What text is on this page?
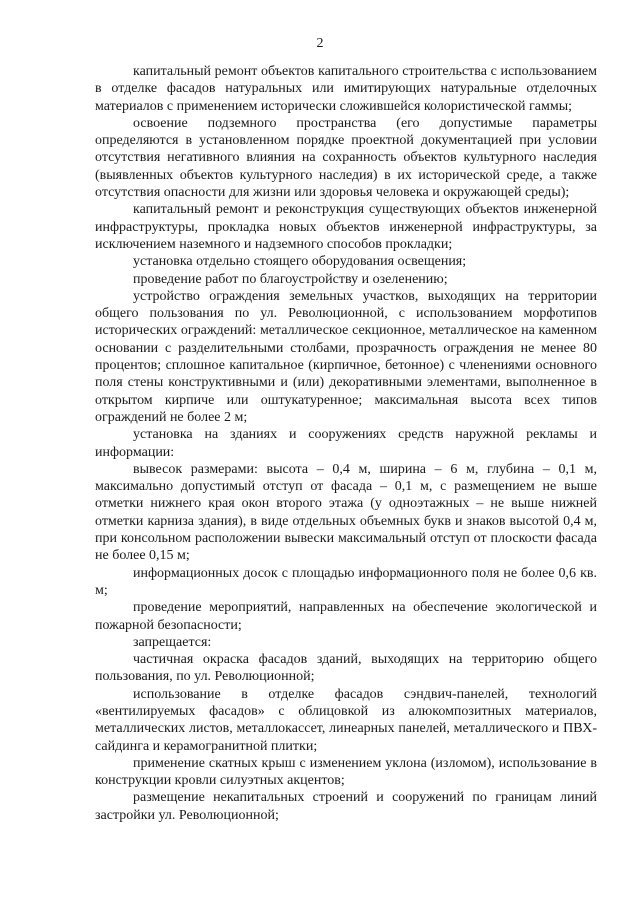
2

капитальный ремонт объектов капитального строительства с использованием в отделке фасадов натуральных или имитирующих натуральные отделочных материалов с применением исторически сложившейся колористической гаммы;

освоение подземного пространства (его допустимые параметры определяются в установленном порядке проектной документацией при условии отсутствия негативного влияния на сохранность объектов культурного наследия (выявленных объектов культурного наследия) в их исторической среде, а также отсутствия опасности для жизни или здоровья человека и окружающей среды);

капитальный ремонт и реконструкция существующих объектов инженерной инфраструктуры, прокладка новых объектов инженерной инфраструктуры, за исключением наземного и надземного способов прокладки;

установка отдельно стоящего оборудования освещения;

проведение работ по благоустройству и озеленению;

устройство ограждения земельных участков, выходящих на территории общего пользования по ул. Революционной, с использованием морфотипов исторических ограждений: металлическое секционное, металлическое на каменном основании с разделительными столбами, прозрачность ограждения не менее 80 процентов; сплошное капитальное (кирпичное, бетонное) с членениями основного поля стены конструктивными и (или) декоративными элементами, выполненное в открытом кирпиче или оштукатуренное; максимальная высота всех типов ограждений не более 2 м;

установка на зданиях и сооружениях средств наружной рекламы и информации:

вывесок размерами: высота – 0,4 м, ширина – 6 м, глубина – 0,1 м, максимально допустимый отступ от фасада – 0,1 м, с размещением не выше отметки нижнего края окон второго этажа (у одноэтажных – не выше нижней отметки карниза здания), в виде отдельных объемных букв и знаков высотой 0,4 м, при консольном расположении вывески максимальный отступ от плоскости фасада не более 0,15 м;

информационных досок с площадью информационного поля не более 0,6 кв. м;

проведение мероприятий, направленных на обеспечение экологической и пожарной безопасности;

запрещается:

частичная окраска фасадов зданий, выходящих на территорию общего пользования, по ул. Революционной;

использование в отделке фасадов сэндвич-панелей, технологий «вентилируемых фасадов» с облицовкой из алюкомпозитных материалов, металлических листов, металлокассет, линеарных панелей, металлического и ПВХ-сайдинга и керамогранитной плитки;

применение скатных крыш с изменением уклона (изломом), использование в конструкции кровли силуэтных акцентов;

размещение некапитальных строений и сооружений по границам линий застройки ул. Революционной;
